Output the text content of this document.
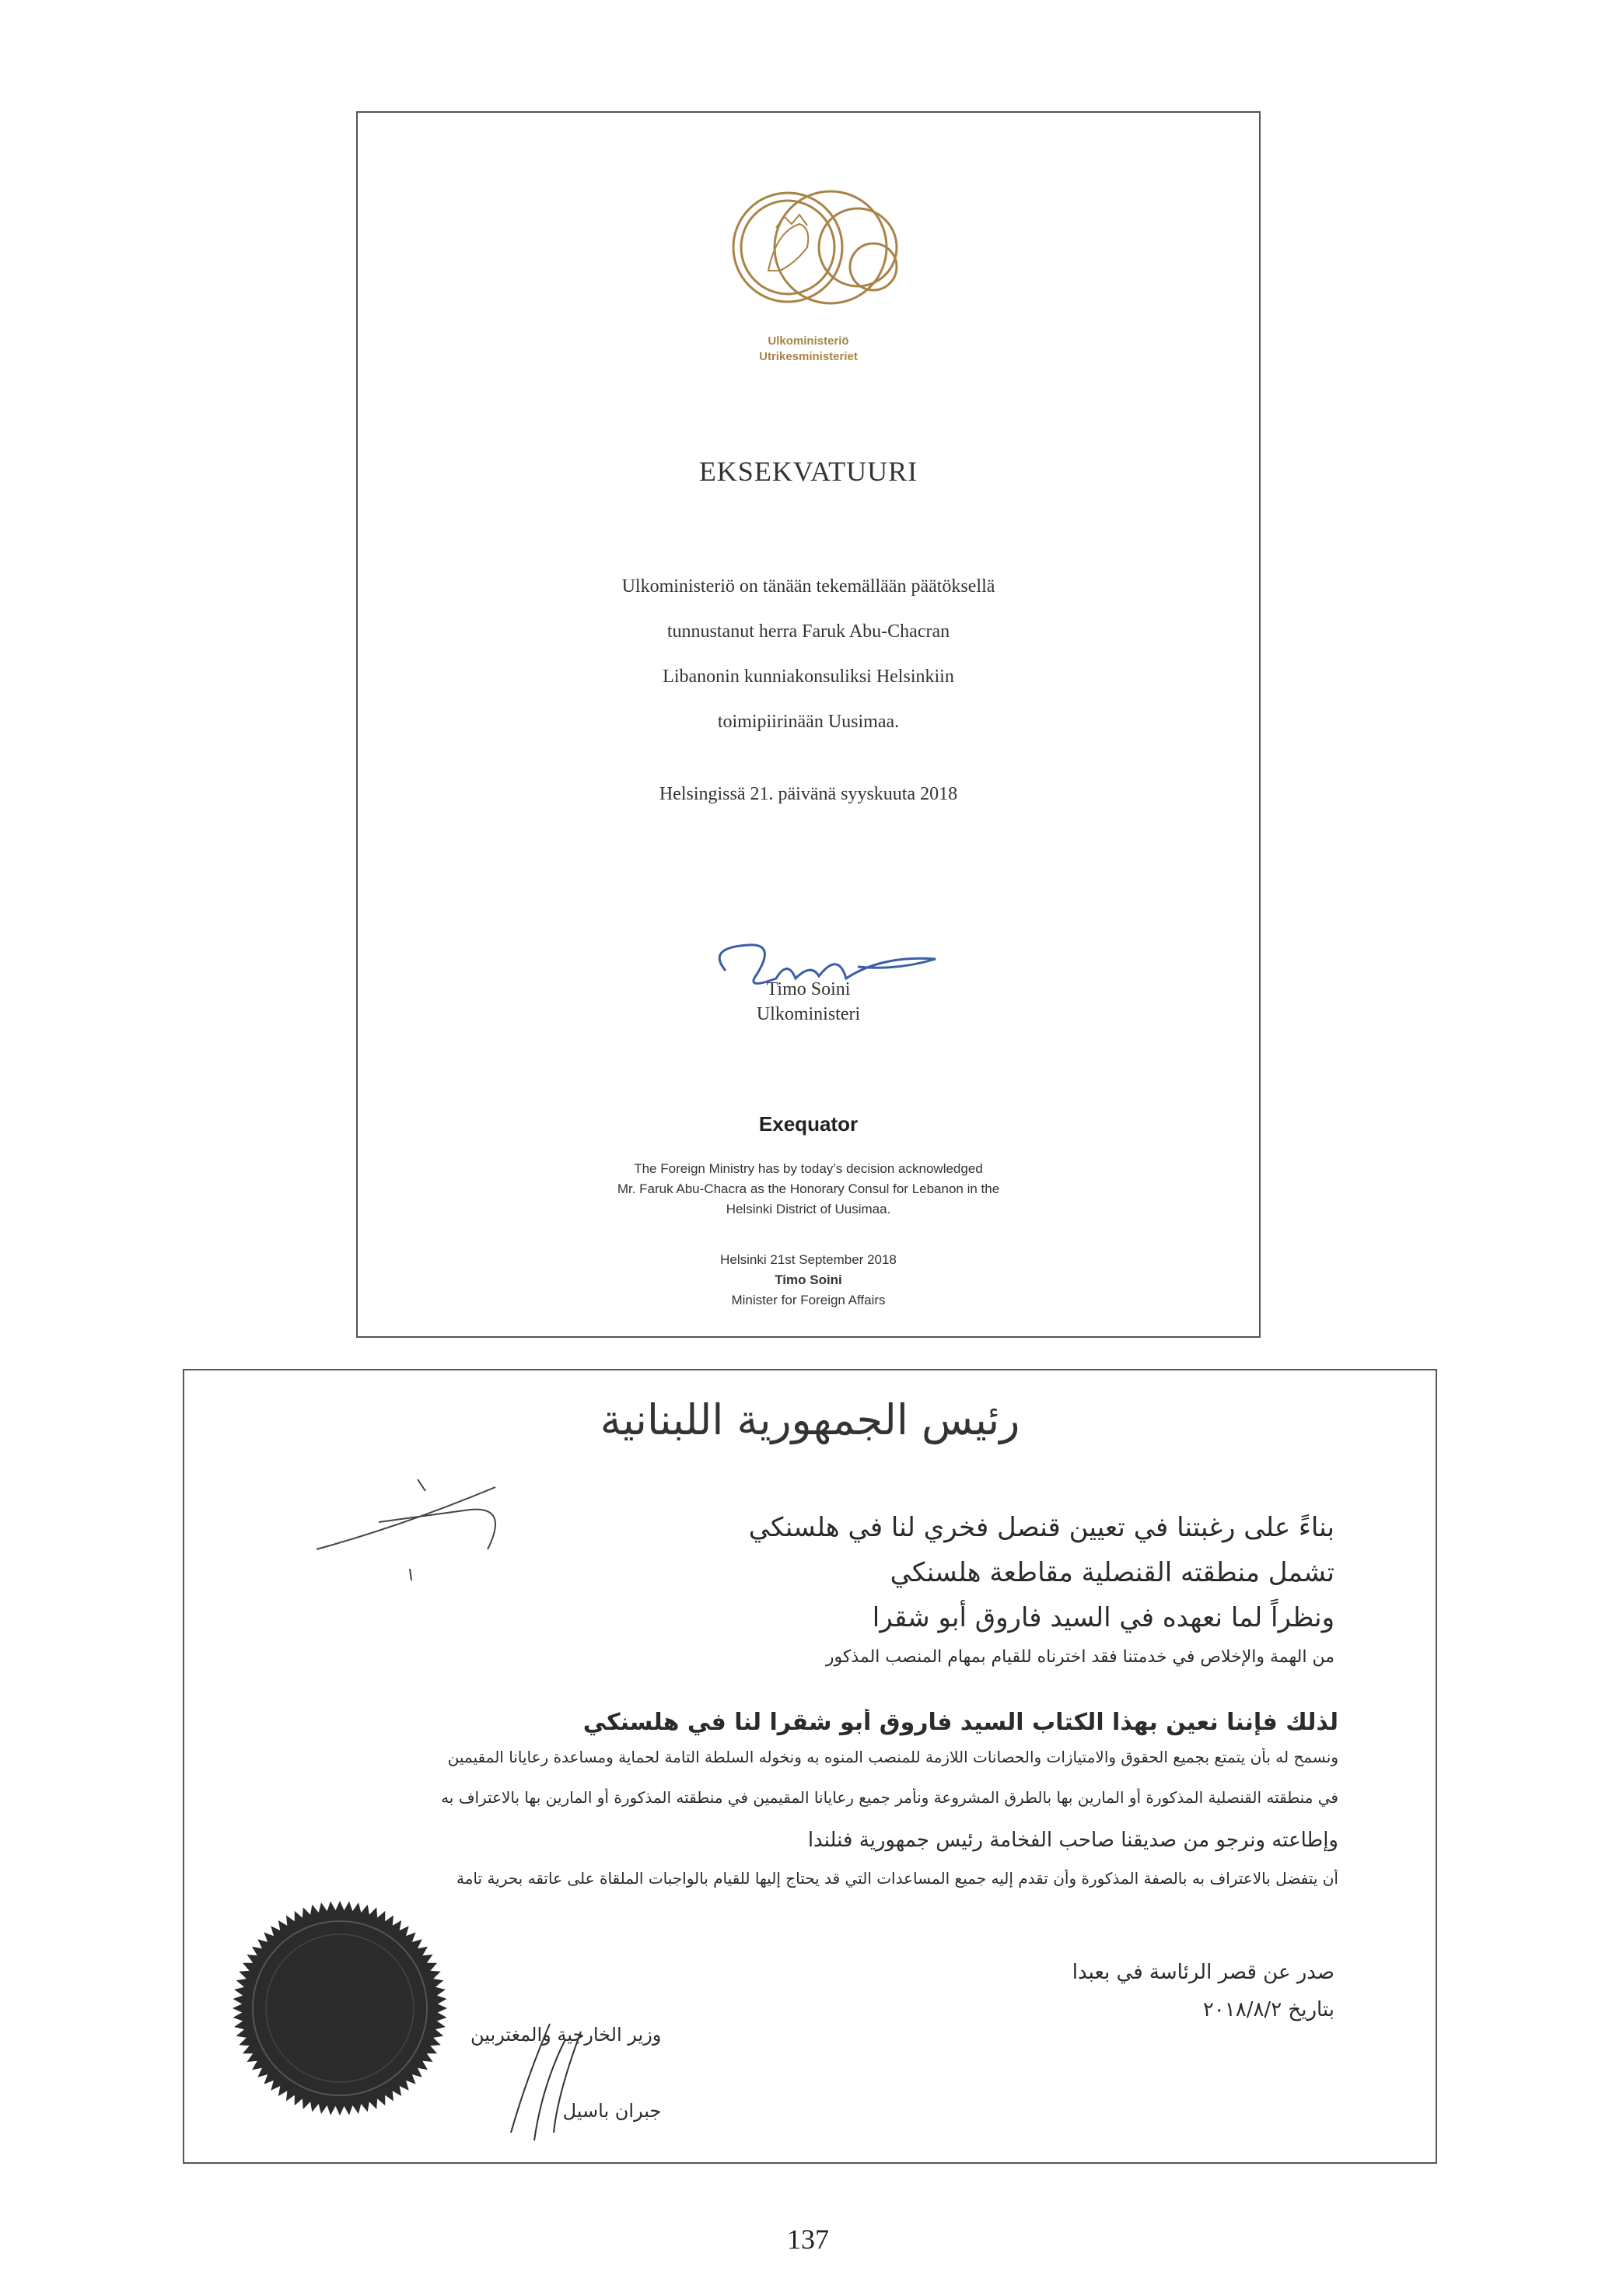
Ulkoministeriö
Utrikesministeriet
EKSEKVATUURI
Ulkoministeriö on tänään tekemällään päätöksellä
tunnustanut herra Faruk Abu-Chacran
Libanonin kunniakonsuliksi Helsinkiin
toimipiirinään Uusimaa.
Helsingissä 21. päivänä syyskuuta 2018
Timo Soini
Ulkoministeri
Exequator
The Foreign Ministry has by today’s decision acknowledged
Mr. Faruk Abu-Chacra as the Honorary Consul for Lebanon in the
Helsinki District of Uusimaa.
Helsinki 21st September 2018
Timo Soini
Minister for Foreign Affairs
رئيس الجمهورية اللبنانية
بناءً على رغبتنا في تعيين قنصل فخري لنا في هلسنكي
تشمل منطقته القنصلية مقاطعة هلسنكي
ونظراً لما نعهده في السيد فاروق أبو شقرا
من الهمة والإخلاص في خدمتنا فقد اخترناه للقيام بمهام المنصب المذكور
لذلك فإننا نعين بهذا الكتاب السيد فاروق أبو شقرا لنا في هلسنكي
ونسمح له بأن يتمتع بجميع الحقوق والامتيازات والحصانات اللازمة للمنصب المنوه به ونخوله السلطة التامة لحماية ومساعدة رعايانا المقيمين
في منطقته القنصلية المذكورة أو المارين بها بالطرق المشروعة ونأمر جميع رعايانا المقيمين في منطقته المذكورة أو المارين بها بالاعتراف به
وإطاعته ونرجو من صديقنا صاحب الفخامة رئيس جمهورية فنلندا
أن يتفضل بالاعتراف به بالصفة المذكورة وأن تقدم إليه جميع المساعدات التي قد يحتاج إليها للقيام بالواجبات الملقاة على عاتقه بحرية تامة
صدر عن قصر الرئاسة في بعبدا
بتاريخ ٢٠١٨/٨/٢
وزير الخارجية والمغتربين
جبران باسيل
137
